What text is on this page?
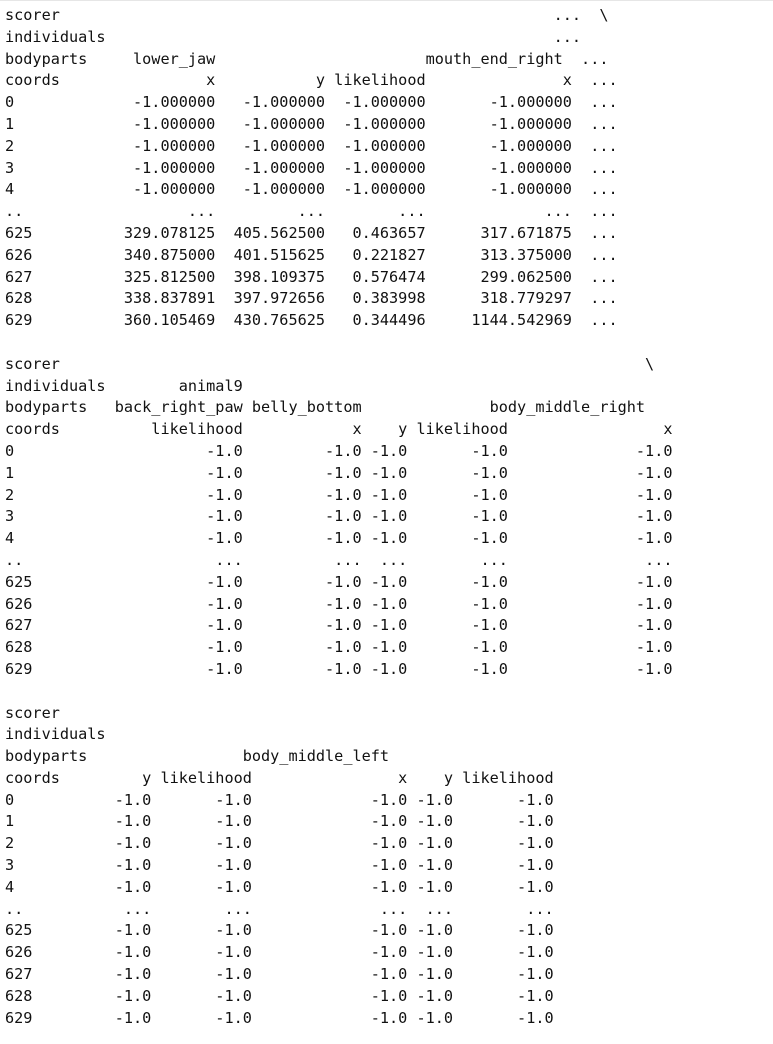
scorer                                                      ...  \
individuals                                                 ...
bodyparts     lower_jaw                       mouth_end_right  ...
coords                x           y likelihood               x  ...
0             -1.000000   -1.000000  -1.000000       -1.000000  ...
1             -1.000000   -1.000000  -1.000000       -1.000000  ...
2             -1.000000   -1.000000  -1.000000       -1.000000  ...
3             -1.000000   -1.000000  -1.000000       -1.000000  ...
4             -1.000000   -1.000000  -1.000000       -1.000000  ...
..                  ...         ...        ...             ...  ...
625          329.078125  405.562500   0.463657      317.671875  ...
626          340.875000  401.515625   0.221827      313.375000  ...
627          325.812500  398.109375   0.576474      299.062500  ...
628          338.837891  397.972656   0.383998      318.779297  ...
629          360.105469  430.765625   0.344496     1144.542969  ...
scorer                                                                \
individuals        animal9
bodyparts   back_right_paw belly_bottom              body_middle_right
coords          likelihood            x    y likelihood                 x
0                     -1.0         -1.0 -1.0       -1.0              -1.0
1                     -1.0         -1.0 -1.0       -1.0              -1.0
2                     -1.0         -1.0 -1.0       -1.0              -1.0
3                     -1.0         -1.0 -1.0       -1.0              -1.0
4                     -1.0         -1.0 -1.0       -1.0              -1.0
..                     ...          ...  ...        ...               ...
625                   -1.0         -1.0 -1.0       -1.0              -1.0
626                   -1.0         -1.0 -1.0       -1.0              -1.0
627                   -1.0         -1.0 -1.0       -1.0              -1.0
628                   -1.0         -1.0 -1.0       -1.0              -1.0
629                   -1.0         -1.0 -1.0       -1.0              -1.0
scorer
individuals
bodyparts                 body_middle_left
coords         y likelihood                x    y likelihood
0           -1.0       -1.0             -1.0 -1.0       -1.0
1           -1.0       -1.0             -1.0 -1.0       -1.0
2           -1.0       -1.0             -1.0 -1.0       -1.0
3           -1.0       -1.0             -1.0 -1.0       -1.0
4           -1.0       -1.0             -1.0 -1.0       -1.0
..           ...        ...              ...  ...        ...
625         -1.0       -1.0             -1.0 -1.0       -1.0
626         -1.0       -1.0             -1.0 -1.0       -1.0
627         -1.0       -1.0             -1.0 -1.0       -1.0
628         -1.0       -1.0             -1.0 -1.0       -1.0
629         -1.0       -1.0             -1.0 -1.0       -1.0
